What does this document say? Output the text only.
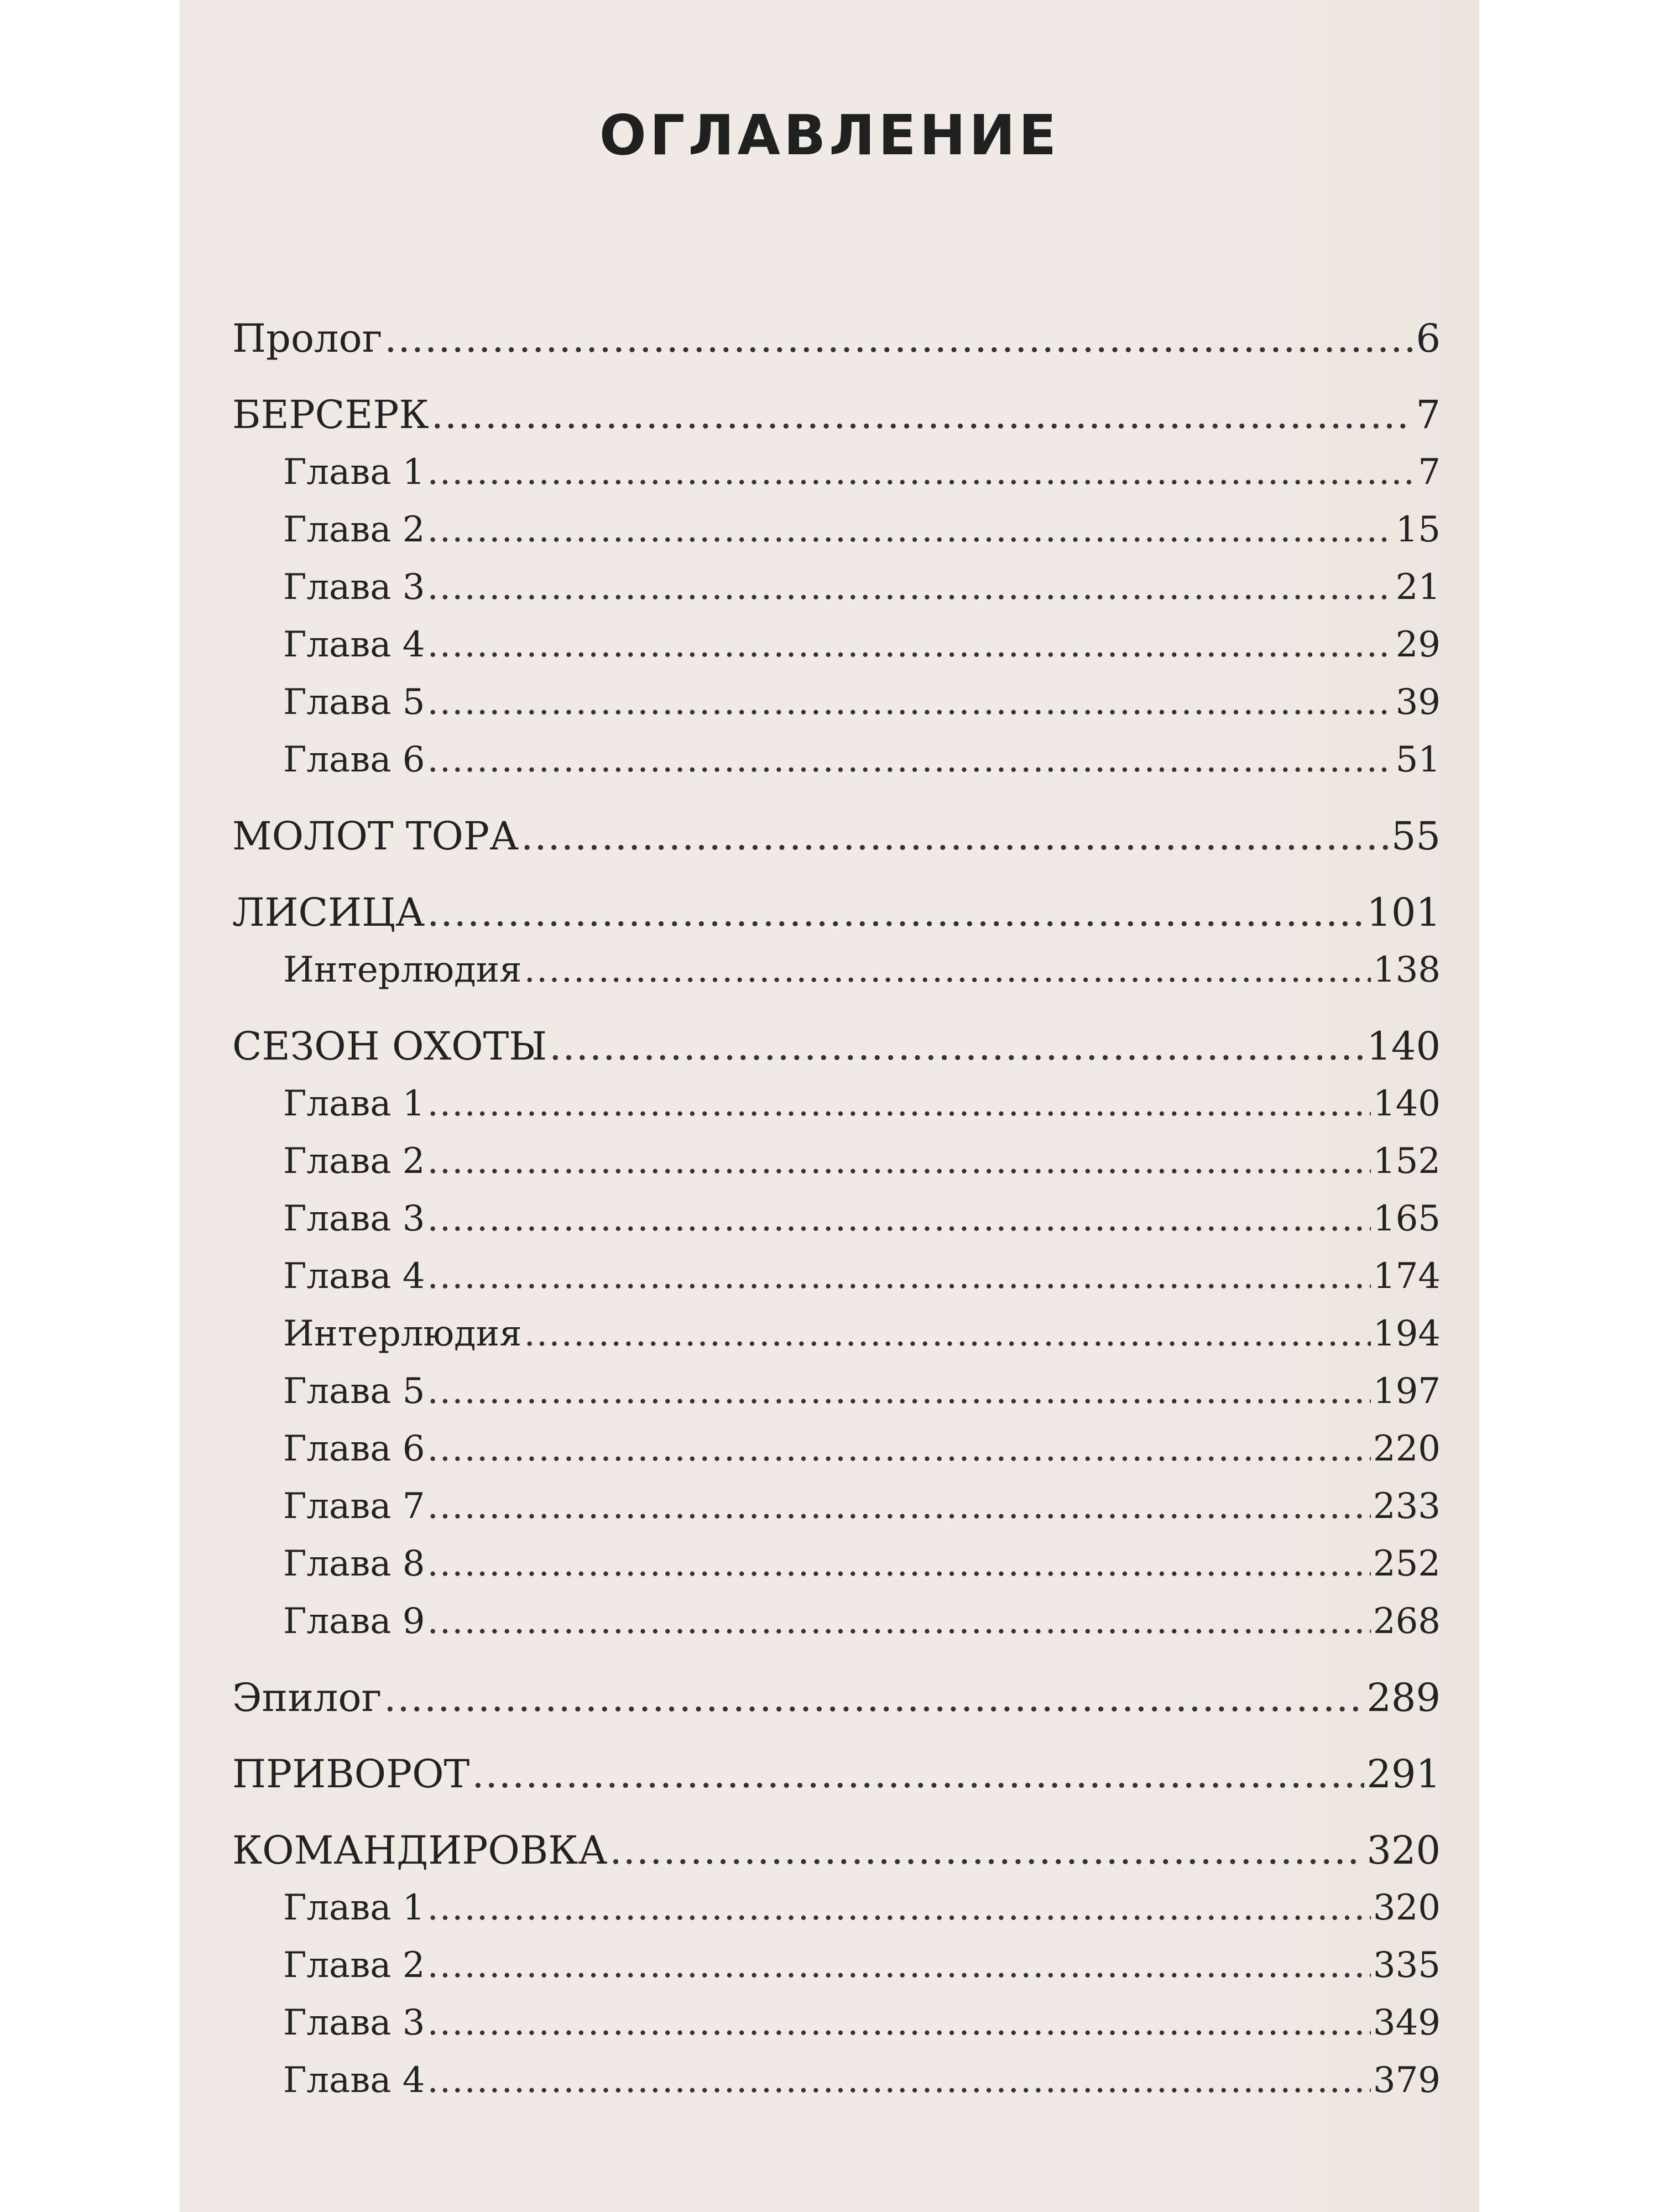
ОГЛАВЛЕНИЕ
Пролог .....	6
БЕРСЕРК .....	7
Глава 1 .....	7
Глава 2 .....	15
Глава 3 .....	21
Глава 4 .....	29
Глава 5 .....	39
Глава 6 .....	51
МОЛОТ ТОРА .....	55
ЛИСИЦА .....	101
Интерлюдия .....	138
СЕЗОН ОХОТЫ .....	140
Глава 1 .....	140
Глава 2 .....	152
Глава 3 .....	165
Глава 4 .....	174
Интерлюдия .....	194
Глава 5 .....	197
Глава 6 .....	220
Глава 7 .....	233
Глава 8 .....	252
Глава 9 .....	268
Эпилог .....	289
ПРИВОРОТ .....	291
КОМАНДИРОВКА .....	320
Глава 1 .....	320
Глава 2 .....	335
Глава 3 .....	349
Глава 4 .....	379
